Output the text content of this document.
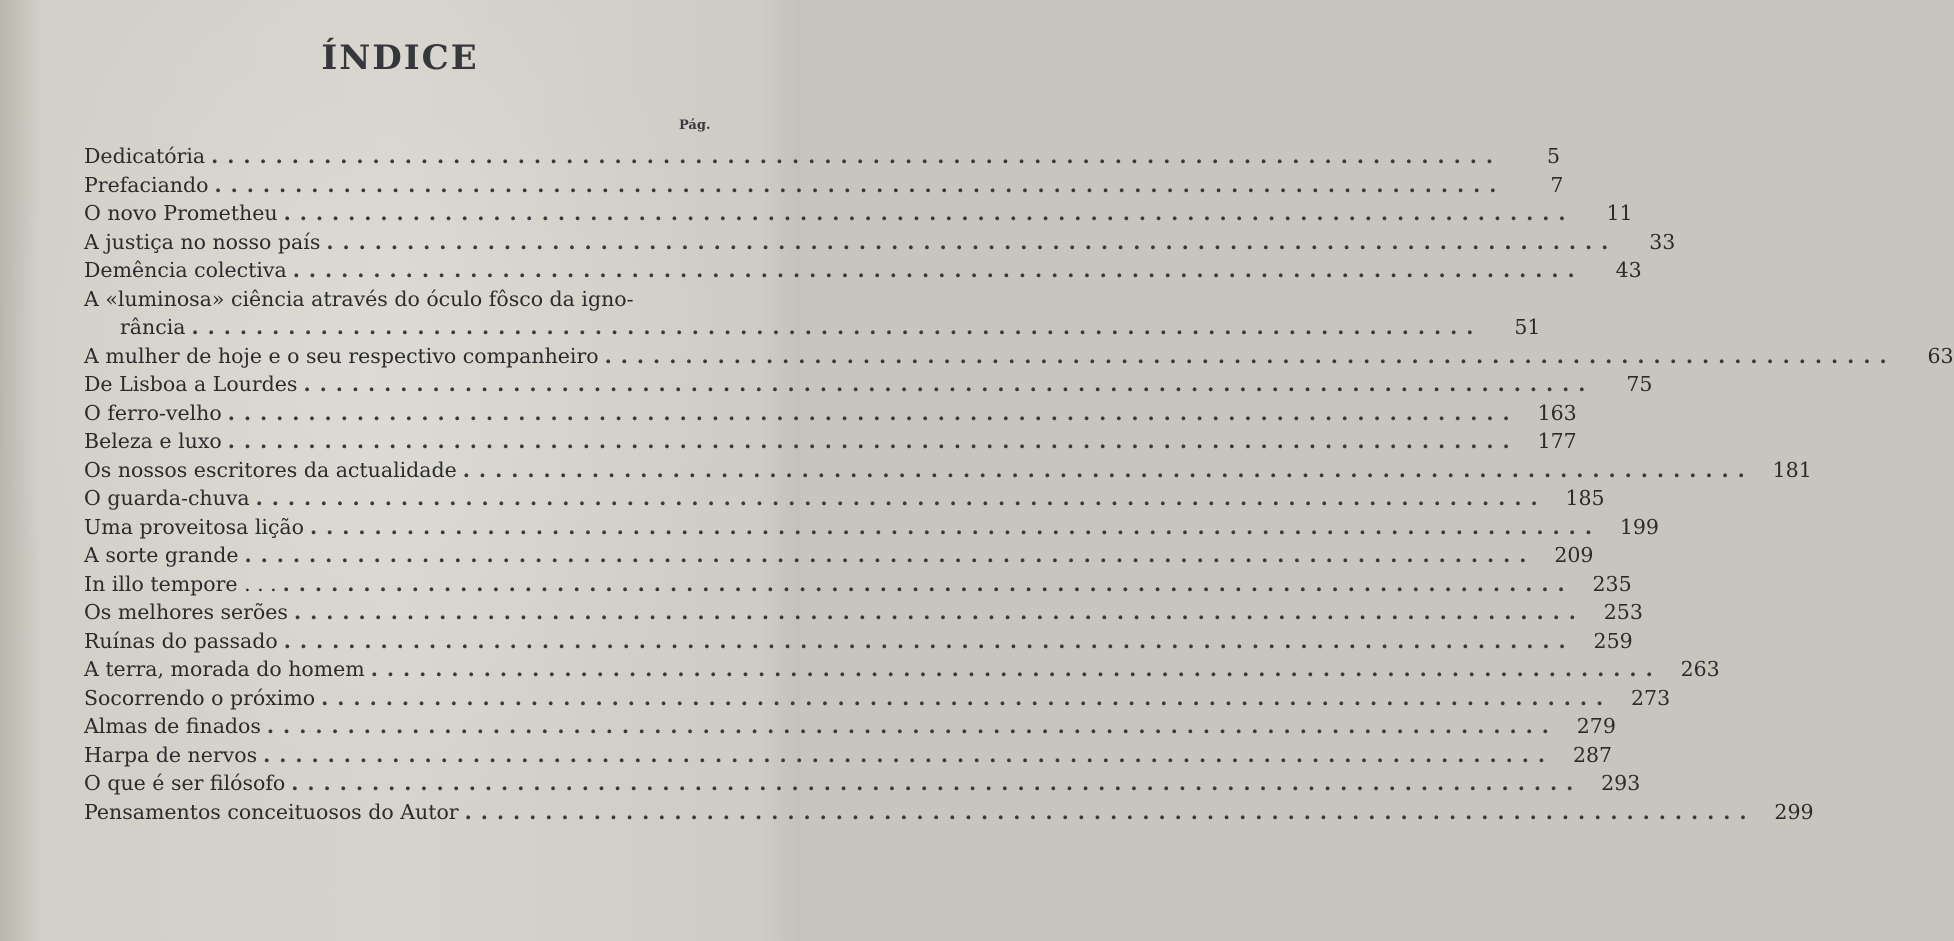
ÍNDICE
Pág.
Dedicatória ................................................................................	5
Prefaciando ................................................................................	7
O novo Prometheu ................................................................................	11
A justiça no nosso país ................................................................................	33
Demência colectiva ................................................................................	43
A «luminosa» ciência através do óculo fôsco da igno-
rância ................................................................................	51
A mulher de hoje e o seu respectivo companheiro ................................................................................	63
De Lisboa a Lourdes ................................................................................	75
O ferro-velho ................................................................................ 163
Beleza e luxo ................................................................................ 177
Os nossos escritores da actualidade ................................................................................ 181
O guarda-chuva ................................................................................ 185
Uma proveitosa lição ................................................................................ 199
A sorte grande ................................................................................ 209
In illo tempore . . . ................................................................................ 235
Os melhores serões ................................................................................ 253
Ruínas do passado ................................................................................ 259
A terra, morada do homem ................................................................................ 263
Socorrendo o próximo ................................................................................ 273
Almas de finados ................................................................................ 279
Harpa de nervos ................................................................................ 287
O que é ser filósofo ................................................................................ 293
Pensamentos conceituosos do Autor ................................................................................ 299
